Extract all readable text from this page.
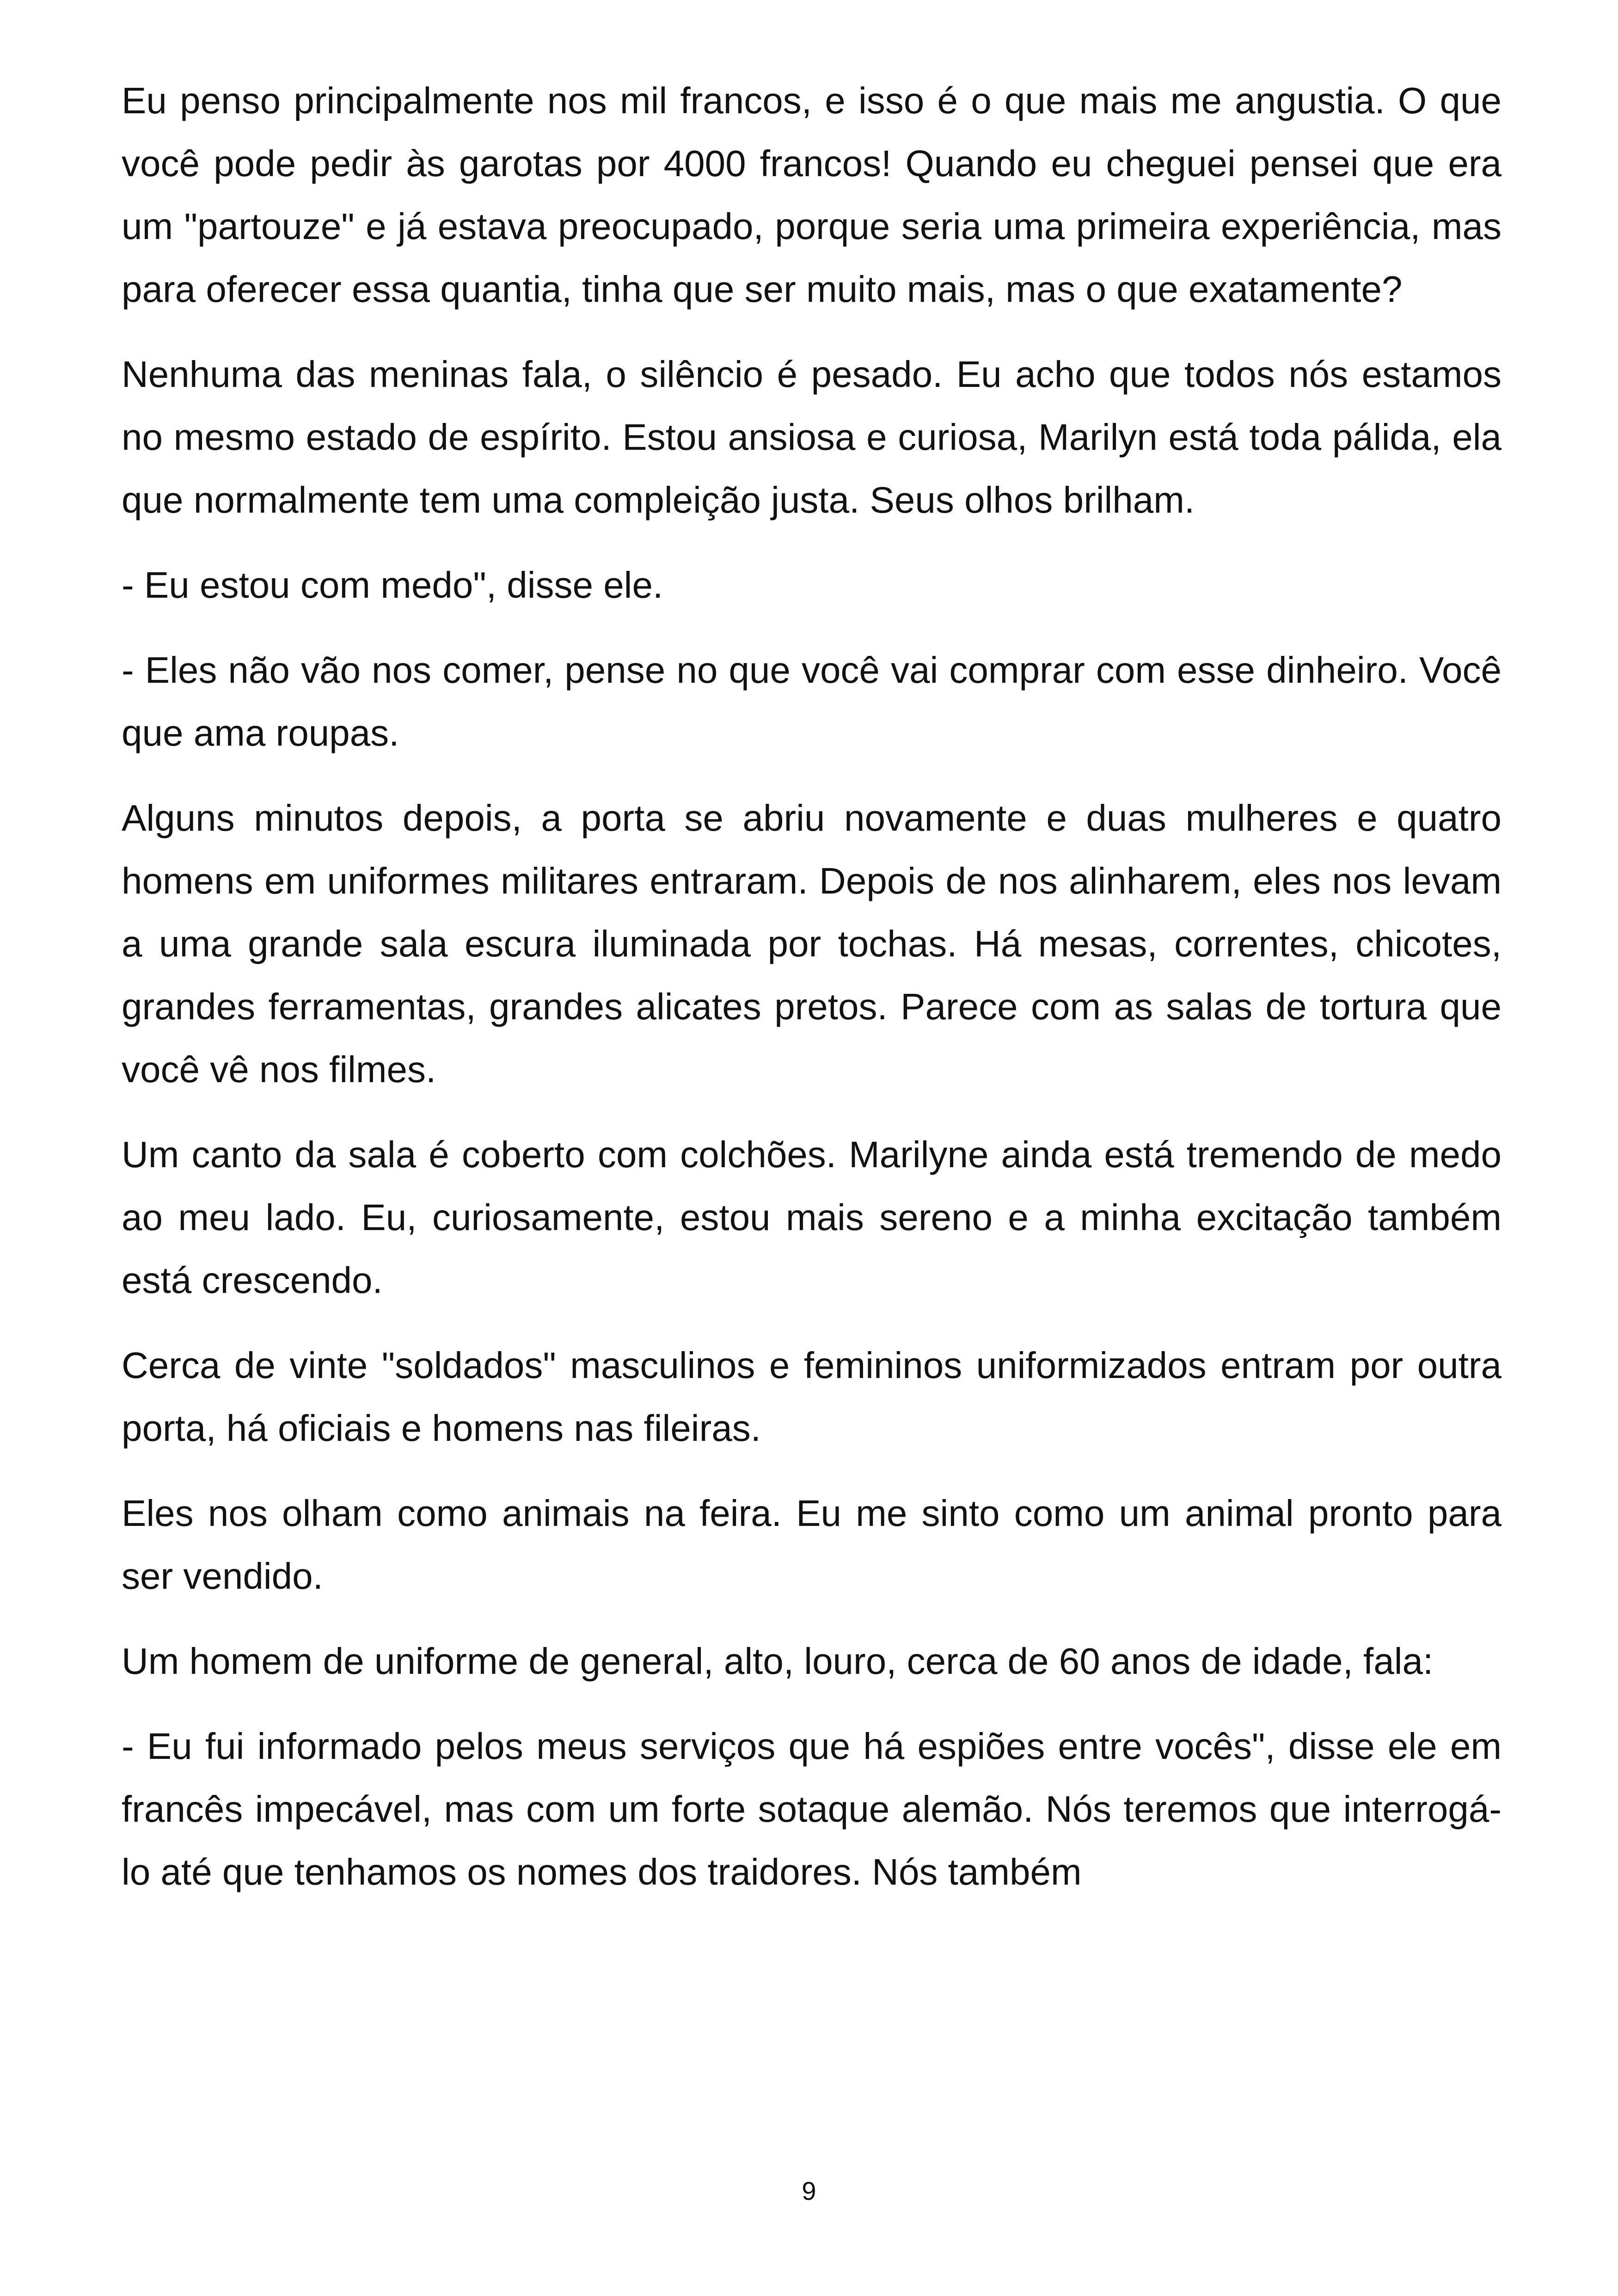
Eu penso principalmente nos mil francos, e isso é o que mais me angustia. O que você pode pedir às garotas por 4000 francos! Quando eu cheguei pensei que era um "partouze" e já estava preocupado, porque seria uma primeira experiência, mas para oferecer essa quantia, tinha que ser muito mais, mas o que exatamente?

Nenhuma das meninas fala, o silêncio é pesado. Eu acho que todos nós estamos no mesmo estado de espírito. Estou ansiosa e curiosa, Marilyn está toda pálida, ela que normalmente tem uma compleição justa. Seus olhos brilham.

- Eu estou com medo", disse ele.

- Eles não vão nos comer, pense no que você vai comprar com esse dinheiro. Você que ama roupas.

Alguns minutos depois, a porta se abriu novamente e duas mulheres e quatro homens em uniformes militares entraram. Depois de nos alinharem, eles nos levam a uma grande sala escura iluminada por tochas. Há mesas, correntes, chicotes, grandes ferramentas, grandes alicates pretos. Parece com as salas de tortura que você vê nos filmes.

Um canto da sala é coberto com colchões. Marilyne ainda está tremendo de medo ao meu lado. Eu, curiosamente, estou mais sereno e a minha excitação também está crescendo.

Cerca de vinte "soldados" masculinos e femininos uniformizados entram por outra porta, há oficiais e homens nas fileiras.

Eles nos olham como animais na feira. Eu me sinto como um animal pronto para ser vendido.

Um homem de uniforme de general, alto, louro, cerca de 60 anos de idade, fala:

- Eu fui informado pelos meus serviços que há espiões entre vocês", disse ele em francês impecável, mas com um forte sotaque alemão. Nós teremos que interrogá-lo até que tenhamos os nomes dos traidores. Nós também

9
